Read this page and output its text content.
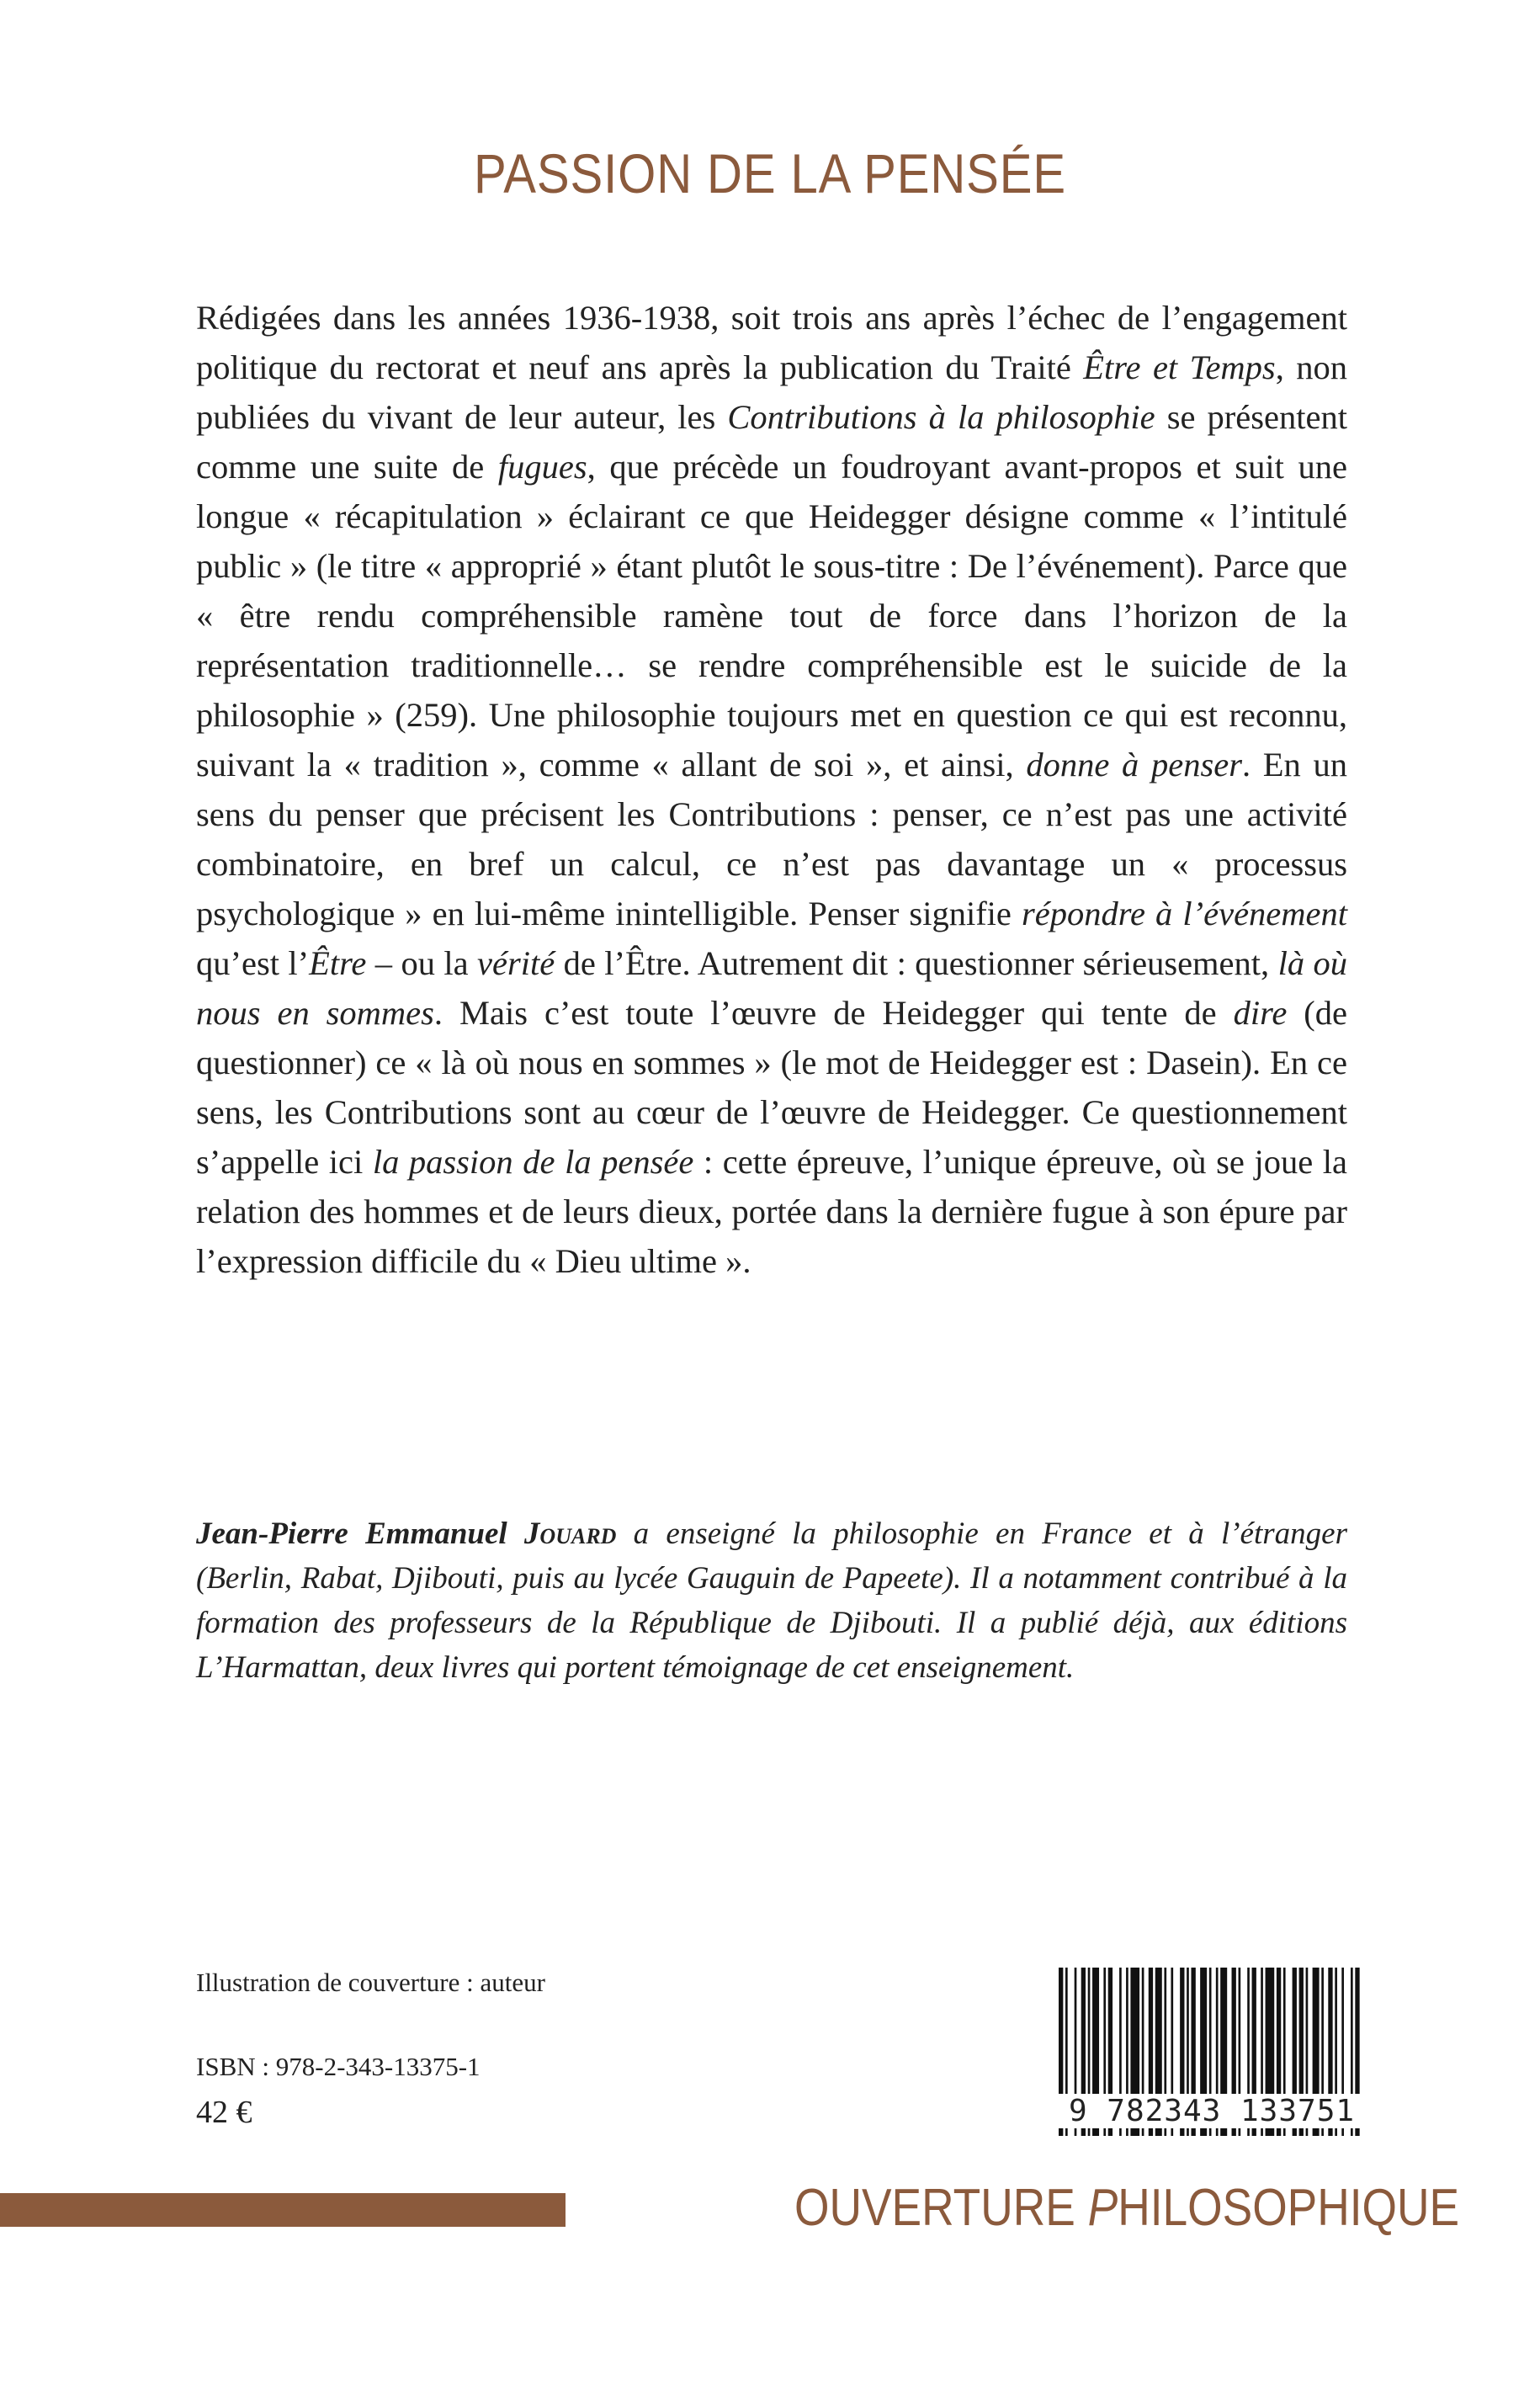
PASSION DE LA PENSÉE

Rédigées dans les années 1936-1938, soit trois ans après l’échec de l’engagement politique du rectorat et neuf ans après la publication du Traité Être et Temps, non publiées du vivant de leur auteur, les Contributions à la philosophie se présentent comme une suite de fugues, que précède un foudroyant avant-propos et suit une longue « récapitulation » éclairant ce que Heidegger désigne comme « l’intitulé public » (le titre « approprié » étant plutôt le sous-titre : De l’événement). Parce que « être rendu compréhensible ramène tout de force dans l’horizon de la représentation traditionnelle… se rendre compréhensible est le suicide de la philosophie » (259). Une philosophie toujours met en question ce qui est reconnu, suivant la « tradition », comme « allant de soi », et ainsi, donne à penser. En un sens du penser que précisent les Contributions : penser, ce n’est pas une activité combinatoire, en bref un calcul, ce n’est pas davantage un « processus psychologique » en lui-même inintelligible. Penser signifie répondre à l’événement qu’est l’Être – ou la vérité de l’Être. Autrement dit : questionner sérieusement, là où nous en sommes. Mais c’est toute l’œuvre de Heidegger qui tente de dire (de questionner) ce « là où nous en sommes » (le mot de Heidegger est : Dasein). En ce sens, les Contributions sont au cœur de l’œuvre de Heidegger. Ce questionnement s’appelle ici la passion de la pensée : cette épreuve, l’unique épreuve, où se joue la relation des hommes et de leurs dieux, portée dans la dernière fugue à son épure par l’expression difficile du « Dieu ultime ».

Jean-Pierre Emmanuel Jouard a enseigné la philosophie en France et à l’étranger (Berlin, Rabat, Djibouti, puis au lycée Gauguin de Papeete). Il a notamment contribué à la formation des professeurs de la République de Djibouti. Il a publié déjà, aux éditions L’Harmattan, deux livres qui portent témoignage de cet enseignement.

Illustration de couverture : auteur
ISBN : 978-2-343-13375-1
42 €	9 782343 133751
OUVERTURE PHILOSOPHIQUE
